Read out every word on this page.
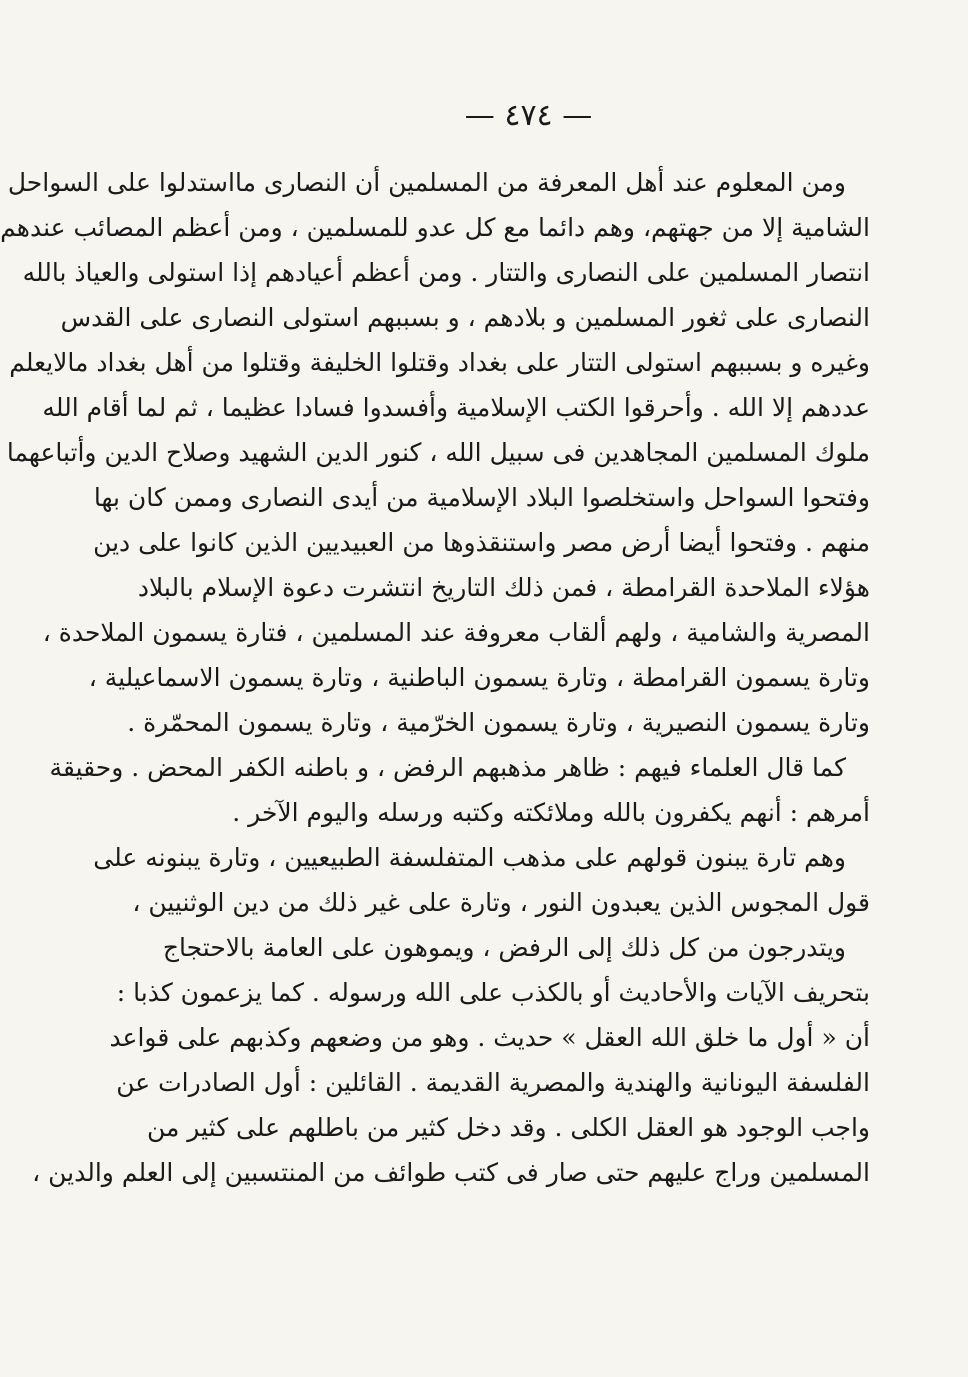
— ٤٧٤ —
ومن المعلوم عند أهل المعرفة من المسلمين أن النصارى مااستدلوا على السواحل
الشامية إلا من جهتهم، وهم دائما مع كل عدو للمسلمين ، ومن أعظم المصائب عندهم
انتصار المسلمين على النصارى والتتار . ومن أعظم أعيادهم إذا استولى والعياذ بالله
النصارى على ثغور المسلمين و بلادهم ، و بسببهم استولى النصارى على القدس
وغيره و بسببهم استولى التتار على بغداد وقتلوا الخليفة وقتلوا من أهل بغداد مالايعلم
عددهم إلا الله . وأحرقوا الكتب الإسلامية وأفسدوا فسادا عظيما ، ثم لما أقام الله
ملوك المسلمين المجاهدين فى سبيل الله ، كنور الدين الشهيد وصلاح الدين وأتباعهما
وفتحوا السواحل واستخلصوا البلاد الإسلامية من أيدى النصارى وممن كان بها
منهم . وفتحوا أيضا أرض مصر واستنقذوها من العبيديين الذين كانوا على دين
هؤلاء الملاحدة القرامطة ، فمن ذلك التاريخ انتشرت دعوة الإسلام بالبلاد
المصرية والشامية ، ولهم ألقاب معروفة عند المسلمين ، فتارة يسمون الملاحدة ،
وتارة يسمون القرامطة ، وتارة يسمون الباطنية ، وتارة يسمون الاسماعيلية ،
وتارة يسمون النصيرية ، وتارة يسمون الخرّمية ، وتارة يسمون المحمّرة .
كما قال العلماء فيهم : ظاهر مذهبهم الرفض ، و باطنه الكفر المحض . وحقيقة
أمرهم : أنهم يكفرون بالله وملائكته وكتبه ورسله واليوم الآخر .
وهم تارة يبنون قولهم على مذهب المتفلسفة الطبيعيين ، وتارة يبنونه على
قول المجوس الذين يعبدون النور ، وتارة على غير ذلك من دين الوثنيين ،
ويتدرجون من كل ذلك إلى الرفض ، ويموهون على العامة بالاحتجاج
بتحريف الآيات والأحاديث أو بالكذب على الله ورسوله . كما يزعمون كذبا :
أن « أول ما خلق الله العقل » حديث . وهو من وضعهم وكذبهم على قواعد
الفلسفة اليونانية والهندية والمصرية القديمة . القائلين : أول الصادرات عن
واجب الوجود هو العقل الكلى . وقد دخل كثير من باطلهم على كثير من
المسلمين وراج عليهم حتى صار فى كتب طوائف من المنتسبين إلى العلم والدين ،
